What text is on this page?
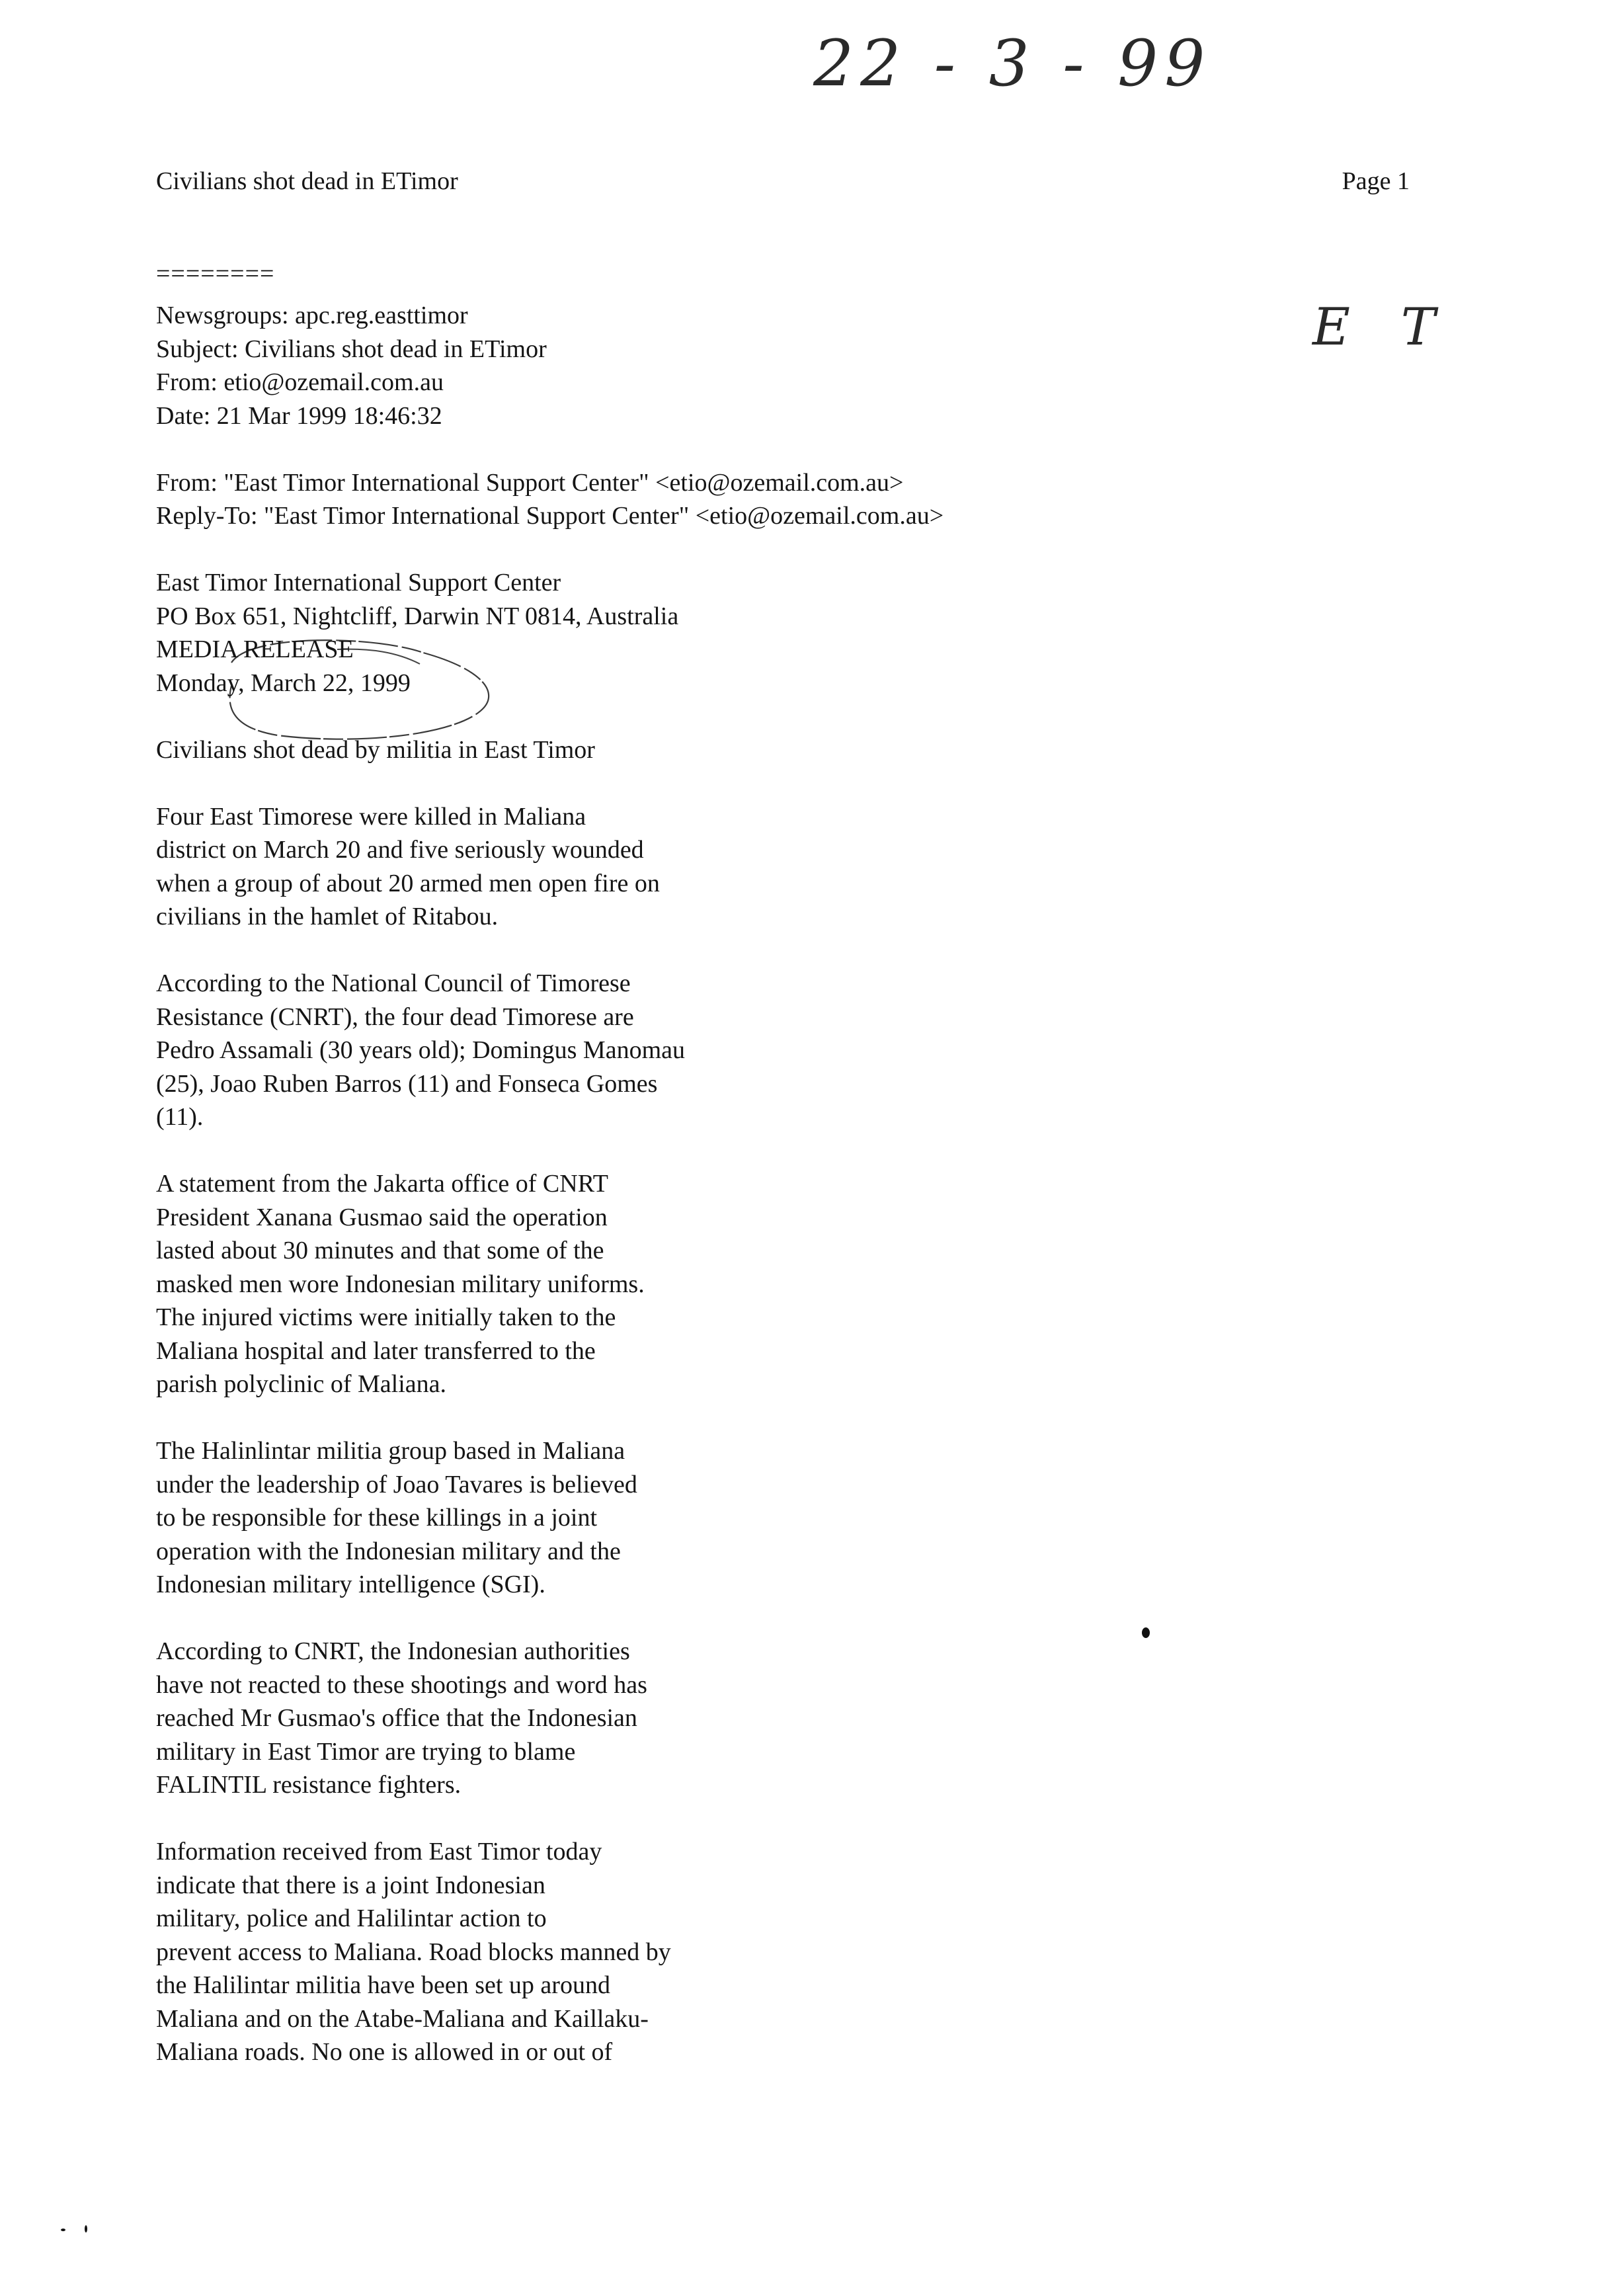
22 - 3 - 99
E T
Civilians shot dead in ETimor	Page 1
========
Newsgroups: apc.reg.easttimor
Subject: Civilians shot dead in ETimor
From: etio@ozemail.com.au
Date: 21 Mar 1999 18:46:32
From: "East Timor International Support Center" <etio@ozemail.com.au>
Reply-To: "East Timor International Support Center" <etio@ozemail.com.au>
East Timor International Support Center
PO Box 651, Nightcliff, Darwin NT 0814, Australia
MEDIA RELEASE
Monday, March 22, 1999
Civilians shot dead by militia in East Timor
Four East Timorese were killed in Maliana
district on March 20 and five seriously wounded
when a group of about 20 armed men open fire on
civilians in the hamlet of Ritabou.
According to the National Council of Timorese
Resistance (CNRT), the four dead Timorese are
Pedro Assamali (30 years old); Domingus Manomau
(25), Joao Ruben Barros (11) and Fonseca Gomes
(11).
A statement from the Jakarta office of CNRT
President Xanana Gusmao said the operation
lasted about 30 minutes and that some of the
masked men wore Indonesian military uniforms.
The injured victims were initially taken to the
Maliana hospital and later transferred to the
parish polyclinic of Maliana.
The Halinlintar militia group based in Maliana
under the leadership of Joao Tavares is believed
to be responsible for these killings in a joint
operation with the Indonesian military and the
Indonesian military intelligence (SGI).
According to CNRT, the Indonesian authorities
have not reacted to these shootings and word has
reached Mr Gusmao's office that the Indonesian
military in East Timor are trying to blame
FALINTIL resistance fighters.
Information received from East Timor today
indicate that there is a joint Indonesian
military, police and Halilintar action to
prevent access to Maliana. Road blocks manned by
the Halilintar militia have been set up around
Maliana and on the Atabe-Maliana and Kaillaku-
Maliana roads. No one is allowed in or out of
